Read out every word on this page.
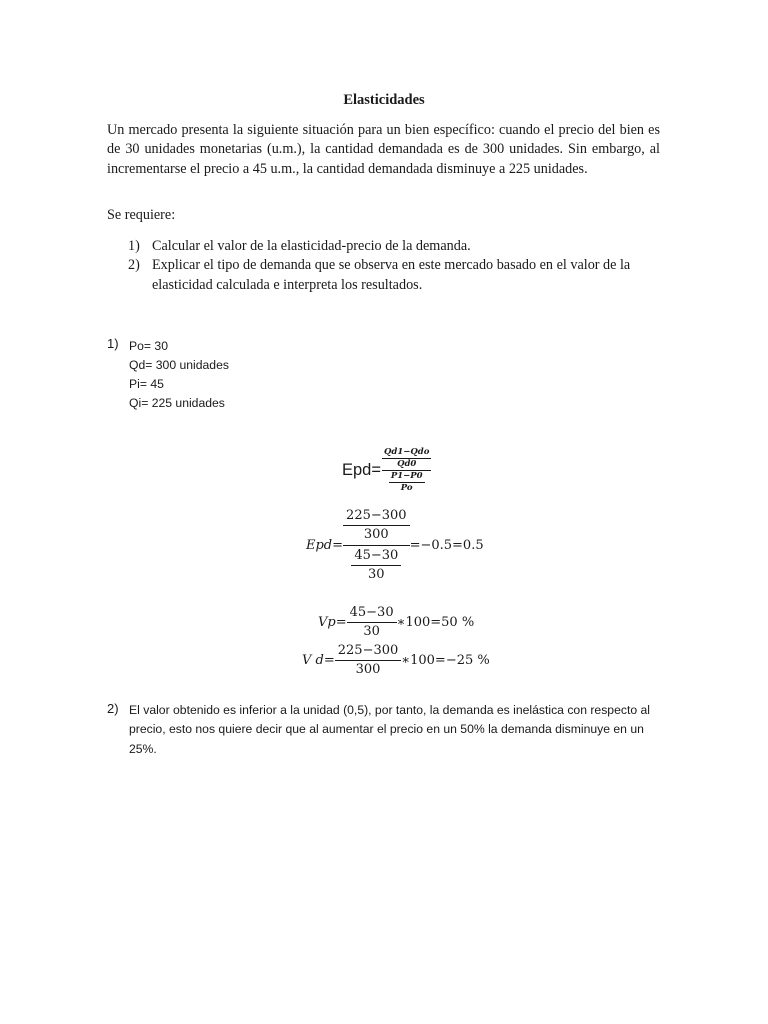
Elasticidades
Un mercado presenta la siguiente situación para un bien específico: cuando el precio del bien es de 30 unidades monetarias (u.m.), la cantidad demandada es de 300 unidades. Sin embargo, al incrementarse el precio a 45 u.m., la cantidad demandada disminuye a 225 unidades.
Se requiere:
1) Calcular el valor de la elasticidad-precio de la demanda.
2) Explicar el tipo de demanda que se observa en este mercado basado en el valor de la elasticidad calculada e interpreta los resultados.
1) Po= 30
Qd= 300 unidades
Pi= 45
Qi= 225 unidades
$Epd= \frac{\frac{\text{Qd1−Qdo}}{Qd0}}{\frac{P1-P0}{Po}}$
Epd = $\frac{\frac{225-300}{300}}{\frac{45-30}{30}} =-0.5=0.5$
$Vp = \frac{45-30}{30}$ ∗100=50 %
V $d = \frac{225-300}{300}$ ∗100=−25 %
2) El valor obtenido es inferior a la unidad (0,5), por tanto, la demanda es inelástica con respecto al precio, esto nos quiere decir que al aumentar el precio en un 50% la demanda disminuye en un 25%.
